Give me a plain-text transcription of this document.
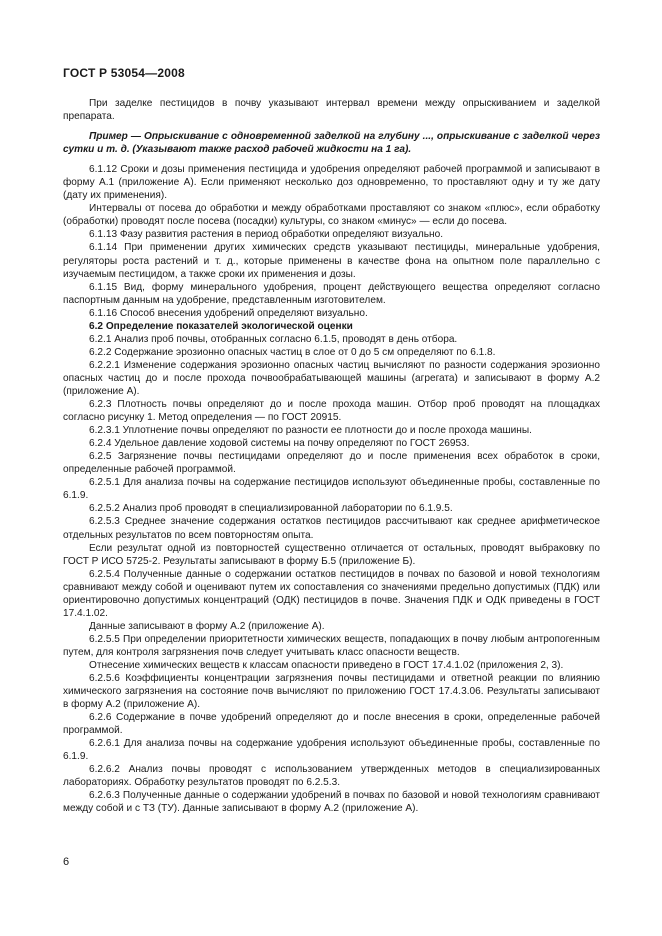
ГОСТ Р 53054—2008

При заделке пестицидов в почву указывают интервал времени между опрыскиванием и заделкой препарата.

Пример — Опрыскивание с одновременной заделкой на глубину ..., опрыскивание с заделкой через сутки и т. д. (Указывают также расход рабочей жидкости на 1 га).

6.1.12 Сроки и дозы применения пестицида и удобрения определяют рабочей программой и записывают в форму А.1 (приложение А). Если применяют несколько доз одновременно, то проставляют одну и ту же дату (дату их применения).

Интервалы от посева до обработки и между обработками проставляют со знаком «плюс», если обработку (обработки) проводят после посева (посадки) культуры, со знаком «минус» — если до посева.

6.1.13 Фазу развития растения в период обработки определяют визуально.

6.1.14 При применении других химических средств указывают пестициды, минеральные удобрения, регуляторы роста растений и т. д., которые применены в качестве фона на опытном поле параллельно с изучаемым пестицидом, а также сроки их применения и дозы.

6.1.15 Вид, форму минерального удобрения, процент действующего вещества определяют согласно паспортным данным на удобрение, представленным изготовителем.

6.1.16 Способ внесения удобрений определяют визуально.

6.2 Определение показателей экологической оценки

6.2.1 Анализ проб почвы, отобранных согласно 6.1.5, проводят в день отбора.

6.2.2 Содержание эрозионно опасных частиц в слое от 0 до 5 см определяют по 6.1.8.

6.2.2.1 Изменение содержания эрозионно опасных частиц вычисляют по разности содержания эрозионно опасных частиц до и после прохода почвообрабатывающей машины (агрегата) и записывают в форму А.2 (приложение А).

6.2.3 Плотность почвы определяют до и после прохода машин. Отбор проб проводят на площадках согласно рисунку 1. Метод определения — по ГОСТ 20915.

6.2.3.1 Уплотнение почвы определяют по разности ее плотности до и после прохода машины.

6.2.4 Удельное давление ходовой системы на почву определяют по ГОСТ 26953.

6.2.5 Загрязнение почвы пестицидами определяют до и после применения всех обработок в сроки, определенные рабочей программой.

6.2.5.1 Для анализа почвы на содержание пестицидов используют объединенные пробы, составленные по 6.1.9.

6.2.5.2 Анализ проб проводят в специализированной лаборатории по 6.1.9.5.

6.2.5.3 Среднее значение содержания остатков пестицидов рассчитывают как среднее арифметическое отдельных результатов по всем повторностям опыта.

Если результат одной из повторностей существенно отличается от остальных, проводят выбраковку по ГОСТ Р ИСО 5725-2. Результаты записывают в форму Б.5 (приложение Б).

6.2.5.4 Полученные данные о содержании остатков пестицидов в почвах по базовой и новой технологиям сравнивают между собой и оценивают путем их сопоставления со значениями предельно допустимых (ПДК) или ориентировочно допустимых концентраций (ОДК) пестицидов в почве. Значения ПДК и ОДК приведены в ГОСТ 17.4.1.02.

Данные записывают в форму А.2 (приложение А).

6.2.5.5 При определении приоритетности химических веществ, попадающих в почву любым антропогенным путем, для контроля загрязнения почв следует учитывать класс опасности веществ.

Отнесение химических веществ к классам опасности приведено в ГОСТ 17.4.1.02 (приложения 2, 3).

6.2.5.6 Коэффициенты концентрации загрязнения почвы пестицидами и ответной реакции по влиянию химического загрязнения на состояние почв вычисляют по приложению ГОСТ 17.4.3.06. Результаты записывают в форму А.2 (приложение А).

6.2.6 Содержание в почве удобрений определяют до и после внесения в сроки, определенные рабочей программой.

6.2.6.1 Для анализа почвы на содержание удобрения используют объединенные пробы, составленные по 6.1.9.

6.2.6.2 Анализ почвы проводят с использованием утвержденных методов в специализированных лабораториях. Обработку результатов проводят по 6.2.5.3.

6.2.6.3 Полученные данные о содержании удобрений в почвах по базовой и новой технологиям сравнивают между собой и с ТЗ (ТУ). Данные записывают в форму А.2 (приложение А).

6
